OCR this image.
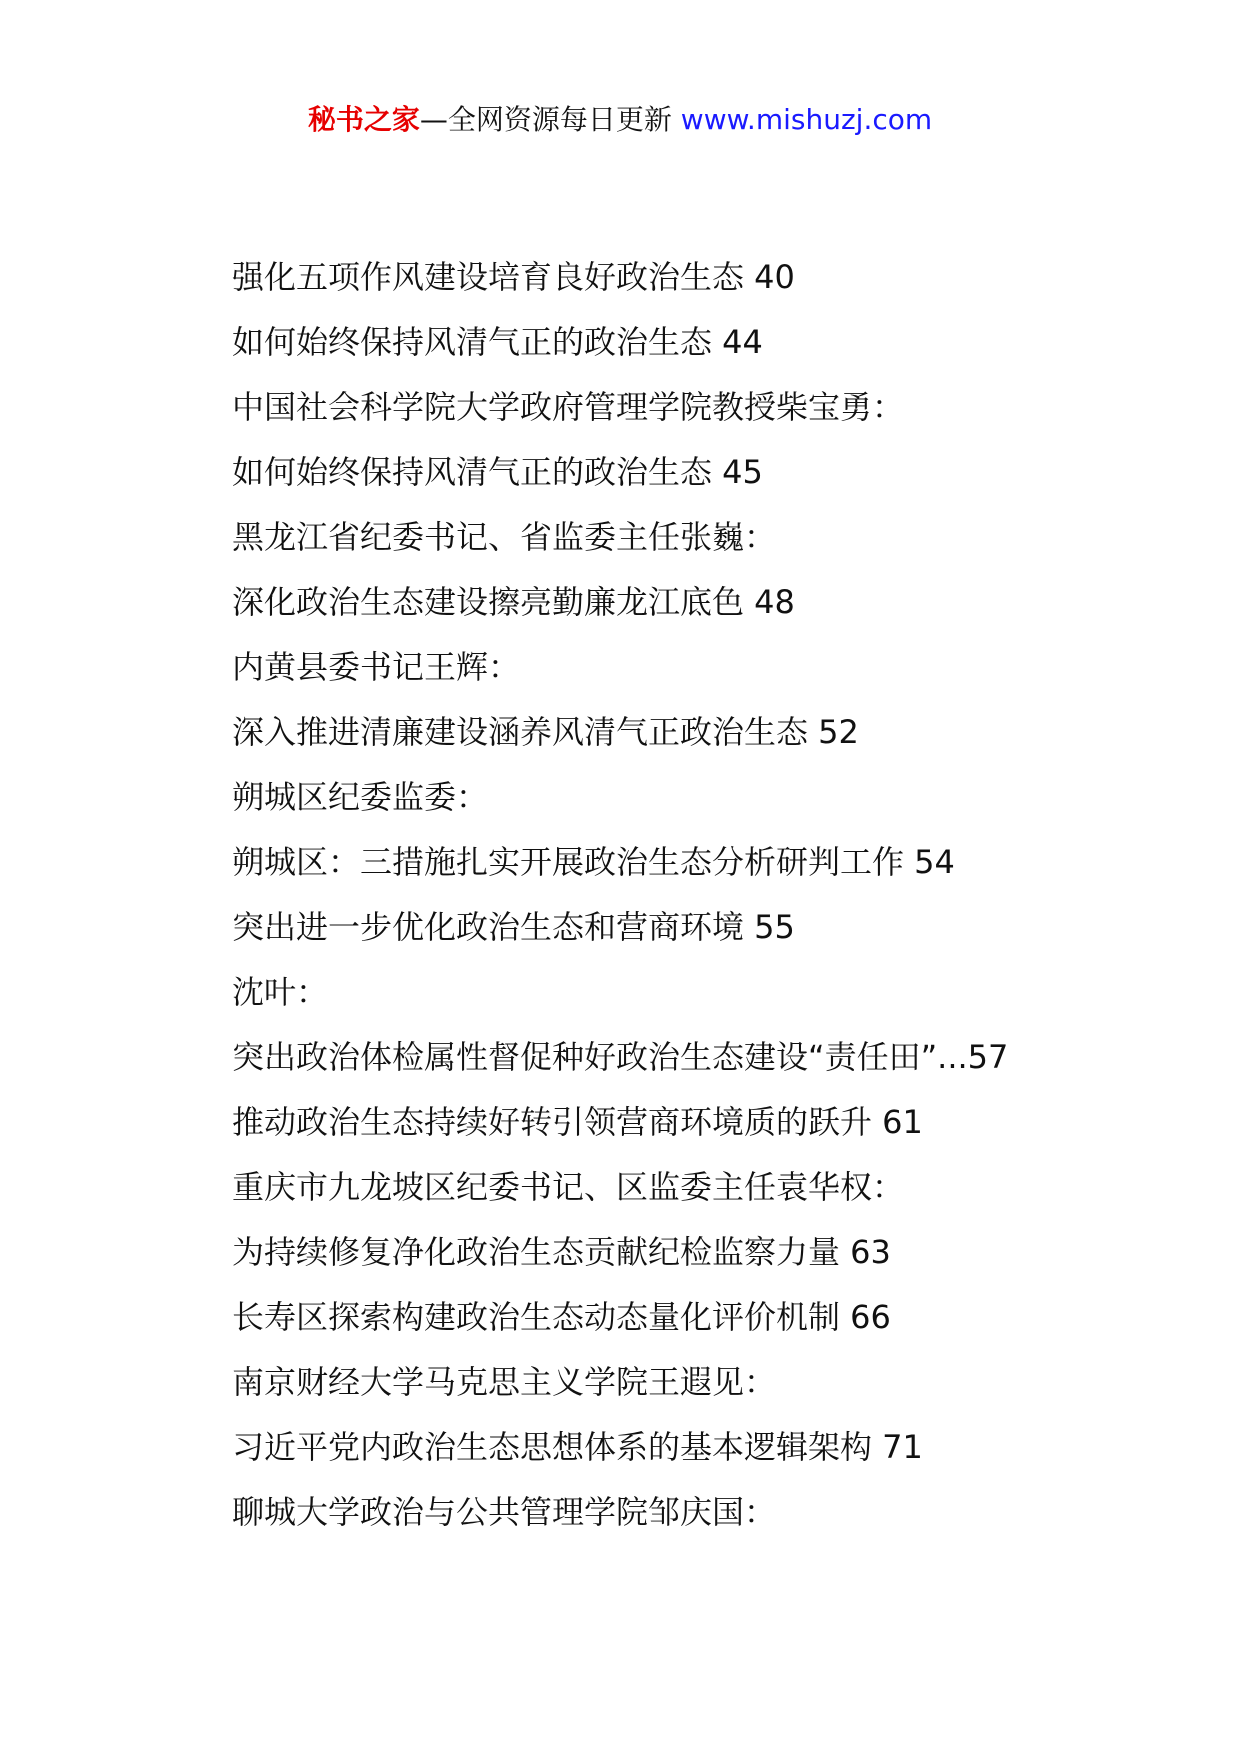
秘书之家—全网资源每日更新 www.mishuzj.com
强化五项作风建设培育良好政治生态 40
如何始终保持风清气正的政治生态 44
中国社会科学院大学政府管理学院教授柴宝勇：
如何始终保持风清气正的政治生态 45
黑龙江省纪委书记、省监委主任张巍：
深化政治生态建设擦亮勤廉龙江底色 48
内黄县委书记王辉：
深入推进清廉建设涵养风清气正政治生态 52
朔城区纪委监委：
朔城区：三措施扎实开展政治生态分析研判工作 54
突出进一步优化政治生态和营商环境 55
沈叶：
突出政治体检属性督促种好政治生态建设“责任田”...57
推动政治生态持续好转引领营商环境质的跃升 61
重庆市九龙坡区纪委书记、区监委主任袁华权：
为持续修复净化政治生态贡献纪检监察力量 63
长寿区探索构建政治生态动态量化评价机制 66
南京财经大学马克思主义学院王遐见：
习近平党内政治生态思想体系的基本逻辑架构 71
聊城大学政治与公共管理学院邹庆国：
